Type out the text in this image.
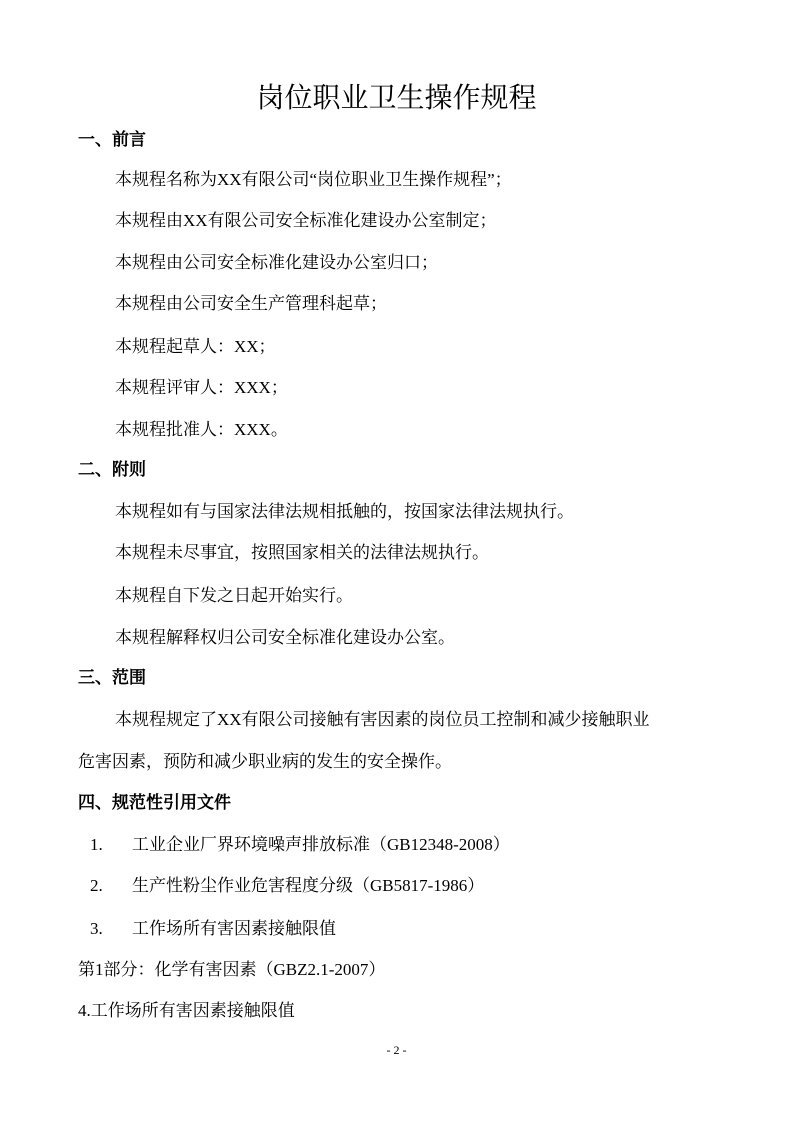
岗位职业卫生操作规程
一、前言
本规程名称为XX有限公司“岗位职业卫生操作规程”；
本规程由XX有限公司安全标准化建设办公室制定；
本规程由公司安全标准化建设办公室归口；
本规程由公司安全生产管理科起草；
本规程起草人：XX；
本规程评审人：XXX；
本规程批准人：XXX。
二、附则
本规程如有与国家法律法规相抵触的，按国家法律法规执行。
本规程未尽事宜，按照国家相关的法律法规执行。
本规程自下发之日起开始实行。
本规程解释权归公司安全标准化建设办公室。
三、范围
本规程规定了XX有限公司接触有害因素的岗位员工控制和减少接触职业
危害因素，预防和减少职业病的发生的安全操作。
四、规范性引用文件
1. 工业企业厂界环境噪声排放标准（GB12348-2008）
2. 生产性粉尘作业危害程度分级（GB5817-1986）
3. 工作场所有害因素接触限值
第1部分：化学有害因素（GBZ2.1-2007）
4.工作场所有害因素接触限值
- 2 -
